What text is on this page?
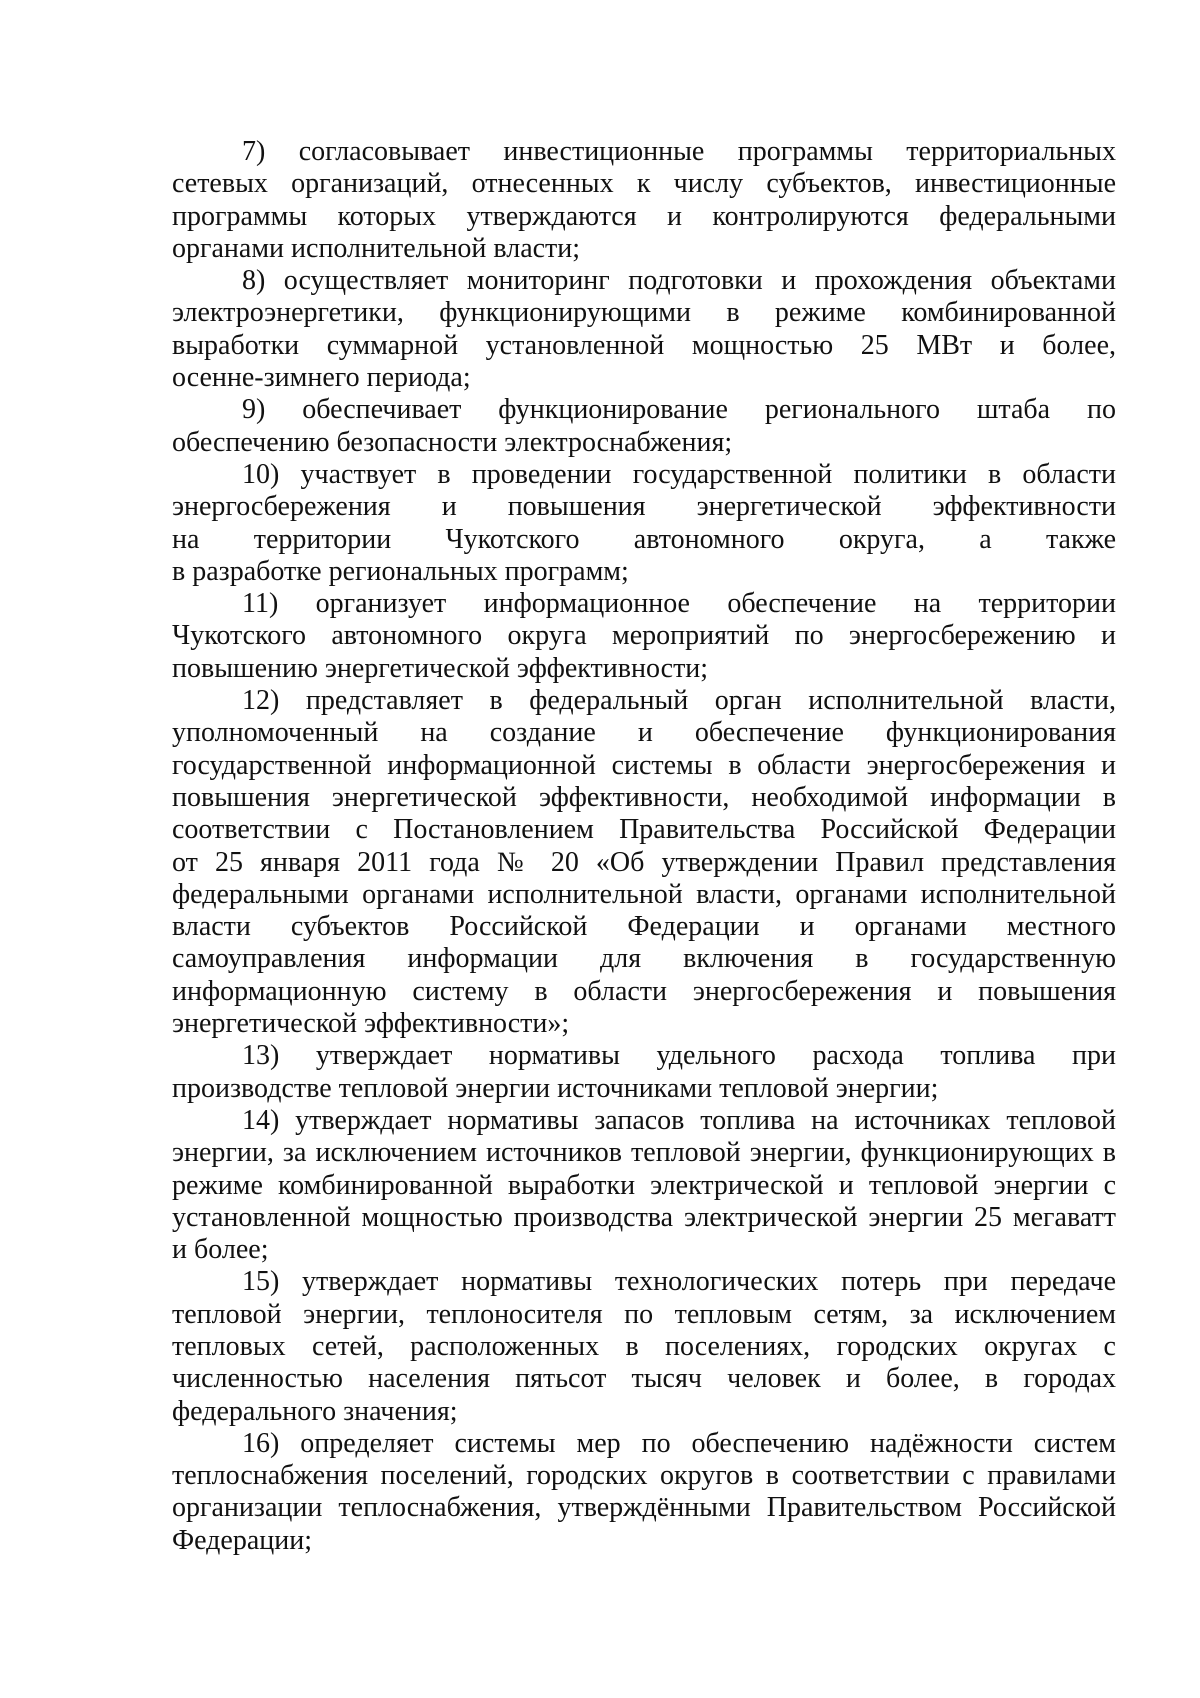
7) согласовывает инвестиционные программы территориальных
сетевых организаций, отнесенных к числу субъектов, инвестиционные
программы которых утверждаются и контролируются федеральными
органами исполнительной власти;
8) осуществляет мониторинг подготовки и прохождения объектами
электроэнергетики, функционирующими в режиме комбинированной
выработки суммарной установленной мощностью 25 МВт и более,
осенне-зимнего периода;
9) обеспечивает функционирование регионального штаба по
обеспечению безопасности электроснабжения;
10) участвует в проведении государственной политики в области
энергосбережения и повышения энергетической эффективности
на территории Чукотского автономного округа, а также
в разработке региональных программ;
11) организует информационное обеспечение на территории
Чукотского автономного округа мероприятий по энергосбережению и
повышению энергетической эффективности;
12) представляет в федеральный орган исполнительной власти,
уполномоченный на создание и обеспечение функционирования
государственной информационной системы в области энергосбережения и
повышения энергетической эффективности, необходимой информации в
соответствии с Постановлением Правительства Российской Федерации
от 25 января 2011 года № 20 «Об утверждении Правил представления
федеральными органами исполнительной власти, органами исполнительной
власти субъектов Российской Федерации и органами местного
самоуправления информации для включения в государственную
информационную систему в области энергосбережения и повышения
энергетической эффективности»;
13) утверждает нормативы удельного расхода топлива при
производстве тепловой энергии источниками тепловой энергии;
14) утверждает нормативы запасов топлива на источниках тепловой
энергии, за исключением источников тепловой энергии, функционирующих в
режиме комбинированной выработки электрической и тепловой энергии с
установленной мощностью производства электрической энергии 25 мегаватт
и более;
15) утверждает нормативы технологических потерь при передаче
тепловой энергии, теплоносителя по тепловым сетям, за исключением
тепловых сетей, расположенных в поселениях, городских округах с
численностью населения пятьсот тысяч человек и более, в городах
федерального значения;
16) определяет системы мер по обеспечению надёжности систем
теплоснабжения поселений, городских округов в соответствии с правилами
организации теплоснабжения, утверждёнными Правительством Российской
Федерации;
